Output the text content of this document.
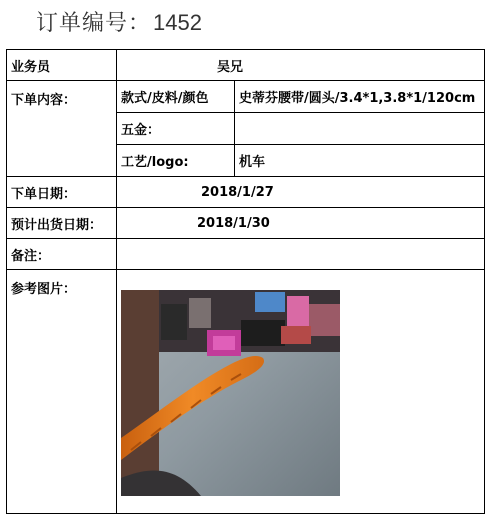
订单编号：1452
业务员	吴兄	
下单内容：	款式/皮料/颜色	史蒂芬腰带/圆头/3.4*1,3.8*1/120cm
	五金：	
	工艺/logo:	机车
下单日期：	2018/1/27	
预计出货日期：	2018/1/30	
备注：		
参考图片：	
